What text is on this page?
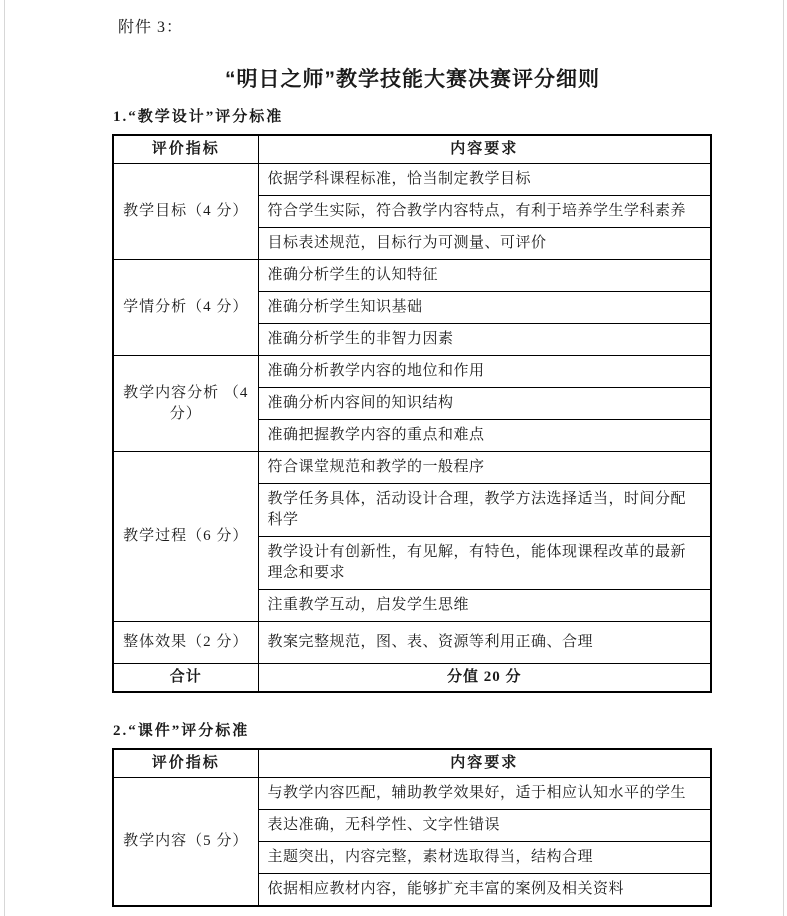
附件 3：
“明日之师”教学技能大赛决赛评分细则
1.“教学设计”评分标准
评价指标	内容要求
教学目标（4 分）	依据学科课程标准，恰当制定教学目标
	符合学生实际，符合教学内容特点，有利于培养学生学科素养
	目标表述规范，目标行为可测量、可评价
学情分析（4 分）	准确分析学生的认知特征
	准确分析学生知识基础
	准确分析学生的非智力因素
教学内容分析 （4 分）	准确分析教学内容的地位和作用
	准确分析内容间的知识结构
	准确把握教学内容的重点和难点
教学过程（6 分）	符合课堂规范和教学的一般程序
	教学任务具体，活动设计合理，教学方法选择适当，时间分配科学
	教学设计有创新性，有见解，有特色，能体现课程改革的最新理念和要求
	注重教学互动，启发学生思维
整体效果（2 分）	教案完整规范，图、表、资源等利用正确、合理
合计	分值 20 分
2.“课件”评分标准
评价指标	内容要求
教学内容（5 分）	与教学内容匹配，辅助教学效果好，适于相应认知水平的学生
	表达准确，无科学性、文字性错误
	主题突出，内容完整，素材选取得当，结构合理
	依据相应教材内容，能够扩充丰富的案例及相关资料
